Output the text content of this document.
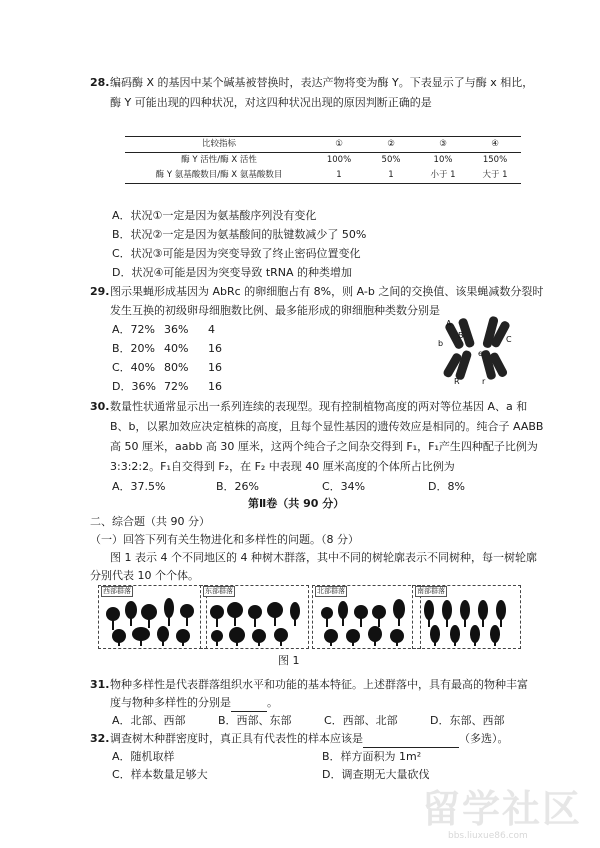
28. 编码酶 X 的基因中某个碱基被替换时，表达产物将变为酶 Y。下表显示了与酶 x 相比，
酶 Y 可能出现的四种状况，对这四种状况出现的原因判断正确的是
比较指标	①	②	③	④
酶 Y 活性/酶 X 活性	100%	50%	10%	150%
酶 Y 氨基酸数目/酶 X 氨基酸数目	1	1	小于 1	大于 1
A．状况①一定是因为氨基酸序列没有变化
B．状况②一定是因为氨基酸间的肽键数减少了 50%
C．状况③可能是因为突变导致了终止密码位置变化
D．状况④可能是因为突变导致 tRNA 的种类增加
29. 图示果蝇形成基因为 AbRc 的卵细胞占有 8%，则 A-b 之间的交换值、该果蝇减数分裂时
发生互换的初级卵母细胞数比例、最多能形成的卵细胞种类数分别是
A．72% 36% 4
B．20% 40% 16
C．40% 80% 16
D．36% 72% 16
A
b
B	C
e
R	r
30. 数量性状通常显示出一系列连续的表现型。现有控制植物高度的两对等位基因 A、a 和
B、b，以累加效应决定植株的高度，且每个显性基因的遗传效应是相同的。纯合子 AABB
高 50 厘米，aabb 高 30 厘米，这两个纯合子之间杂交得到 F₁，F₁产生四种配子比例为
3:3:2:2。F₁自交得到 F₂，在 F₂ 中表现 40 厘米高度的个体所占比例为
A．37.5%	B．26%	C．34%	D．8%
第Ⅱ卷（共 90 分）
二、综合题（共 90 分）
（一）回答下列有关生物进化和多样性的问题。（8 分）
图 1 表示 4 个不同地区的 4 种树木群落，其中不同的树轮廓表示不同树种，每一树轮廓
分别代表 10 个个体。
西部群落	东部群落	北部群落	南部群落
图 1
31. 物种多样性是代表群落组织水平和功能的基本特征。上述群落中，具有最高的物种丰富
度与物种多样性的分别是	。
A．北部、西部	B．西部、东部	C．西部、北部	D．东部、西部
32. 调查树木种群密度时，真正具有代表性的样本应该是	（多选）。
A．随机取样	B．样方面积为 1m²
C．样本数量足够大	D．调查期无大量砍伐
留学社区
bbs.liuxue86.com
